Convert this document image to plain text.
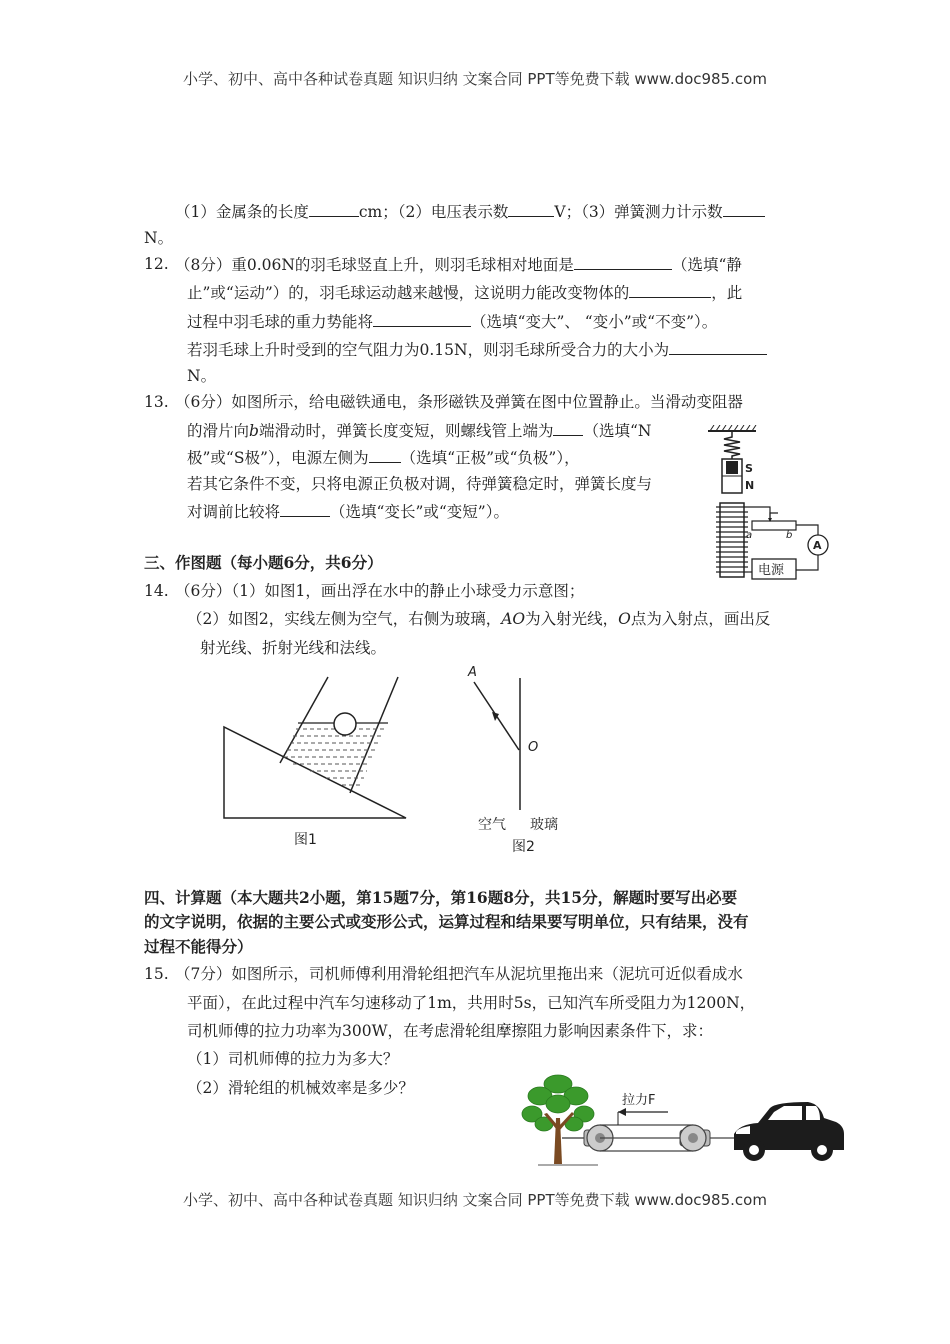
小学、初中、高中各种试卷真题 知识归纳 文案合同 PPT等免费下载 www.doc985.com
（1）金属条的长度	cm；（2）电压表示数	V；（3）弹簧测力计示数
N。
12. （8分）重0.06N的羽毛球竖直上升，则羽毛球相对地面是	（选填“静
止”或“运动”）的，羽毛球运动越来越慢，这说明力能改变物体的	，此
过程中羽毛球的重力势能将	（选填“变大”、 “变小”或“不变”）。
若羽毛球上升时受到的空气阻力为0.15N，则羽毛球所受合力的大小为
N。
13. （6分）如图所示，给电磁铁通电，条形磁铁及弹簧在图中位置静止。当滑动变阻器
的滑片向b端滑动时，弹簧长度变短，则螺线管上端为 （选填“N
极”或“S极”），电源左侧为 （选填“正极”或“负极”），
若其它条件不变，只将电源正负极对调，待弹簧稳定时，弹簧长度与
对调前比较将	（选填“变长”或“变短”）。
S
N
a	b
A
电源
三、作图题（每小题6分，共6分）
14. （6分）（1）如图1，画出浮在水中的静止小球受力示意图；
（2）如图2，实线左侧为空气，右侧为玻璃，AO为入射光线，O点为入射点，画出反
射光线、折射光线和法线。
图1
A
O
空气 玻璃
图2
四、计算题（本大题共2小题，第15题7分，第16题8分，共15分，解题时要写出必要
的文字说明，依据的主要公式或变形公式，运算过程和结果要写明单位，只有结果，没有
过程不能得分）
15. （7分）如图所示，司机师傅利用滑轮组把汽车从泥坑里拖出来（泥坑可近似看成水
平面），在此过程中汽车匀速移动了1m，共用时5s，已知汽车所受阻力为1200N，
司机师傅的拉力功率为300W，在考虑滑轮组摩擦阻力影响因素条件下，求：
（1）司机师傅的拉力为多大？
（2）滑轮组的机械效率是多少？
拉力F
小学、初中、高中各种试卷真题 知识归纳 文案合同 PPT等免费下载 www.doc985.com
